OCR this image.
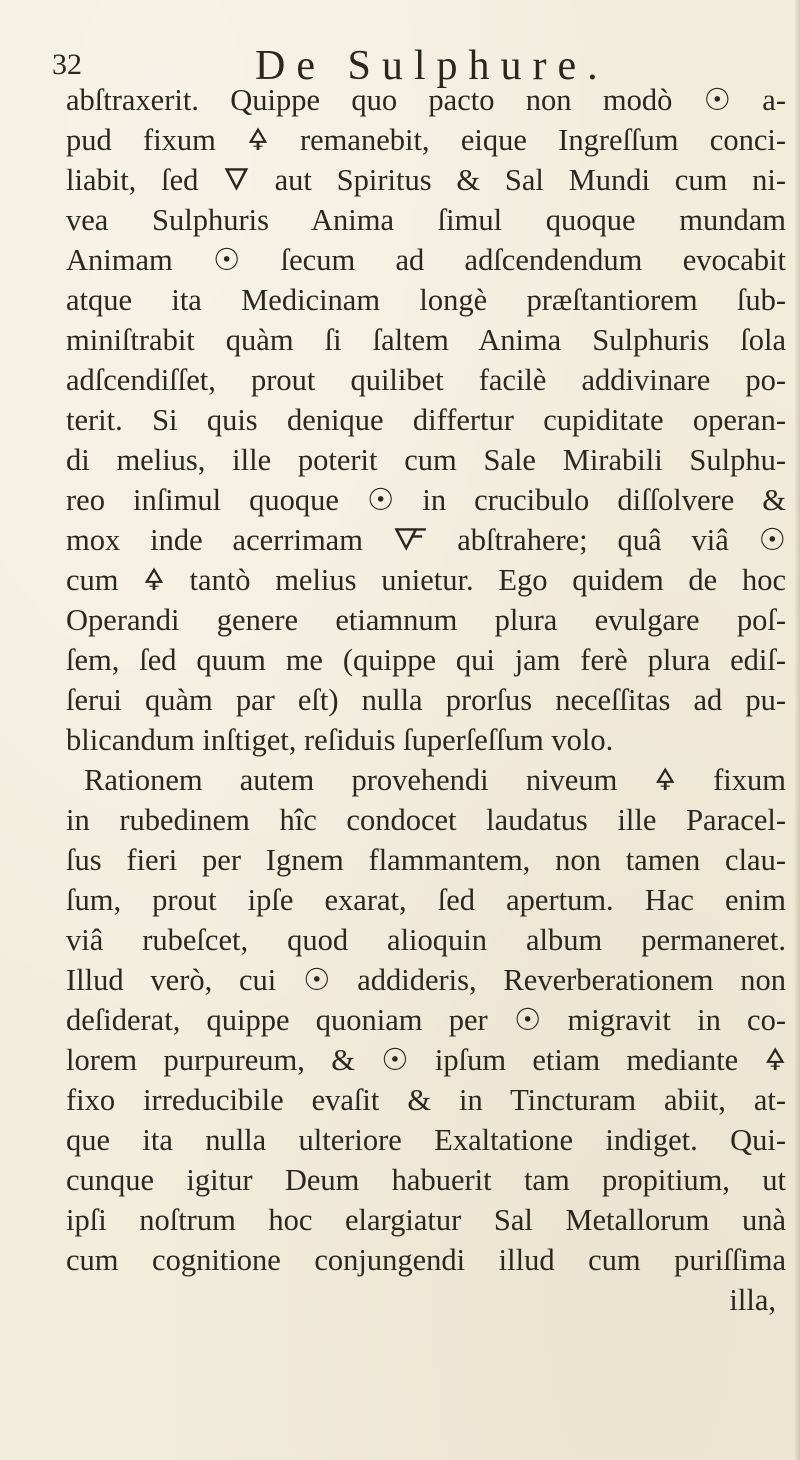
32	De Sulphure.
abſtraxerit. Quippe quo pacto non modò ☉ a-
pud fixum 🜍 remanebit, eique Ingreſſum conci-
liabit, ſed 🜄 aut Spiritus & Sal Mundi cum ni-
vea Sulphuris Anima ſimul quoque mundam
Animam ☉ ſecum ad adſcendendum evocabit
atque ita Medicinam longè præſtantiorem ſub-
miniſtrabit quàm ſi ſaltem Anima Sulphuris ſola
adſcendiſſet, prout quilibet facilè addivinare po-
terit. Si quis denique differtur cupiditate operan-
di melius, ille poterit cum Sale Mirabili Sulphu-
reo inſimul quoque ☉ in crucibulo diſſolvere &
mox inde acerrimam 🜅 abſtrahere; quâ viâ ☉
cum 🜍 tantò melius unietur. Ego quidem de hoc
Operandi genere etiamnum plura evulgare poſ-
ſem, ſed quum me (quippe qui jam ferè plura ediſ-
ſerui quàm par eſt) nulla prorſus neceſſitas ad pu-
blicandum inſtiget, reſiduis ſuperſeſſum volo.
Rationem autem provehendi niveum 🜍 fixum
in rubedinem hîc condocet laudatus ille Paracel-
ſus fieri per Ignem flammantem, non tamen clau-
ſum, prout ipſe exarat, ſed apertum. Hac enim
viâ rubeſcet, quod alioquin album permaneret.
Illud verò, cui ☉ addideris, Reverberationem non
deſiderat, quippe quoniam per ☉ migravit in co-
lorem purpureum, & ☉ ipſum etiam mediante 🜍
fixo irreducibile evaſit & in Tincturam abiit, at-
que ita nulla ulteriore Exaltatione indiget. Qui-
cunque igitur Deum habuerit tam propitium, ut
ipſi noſtrum hoc elargiatur Sal Metallorum unà
cum cognitione conjungendi illud cum puriſſima
illa,
